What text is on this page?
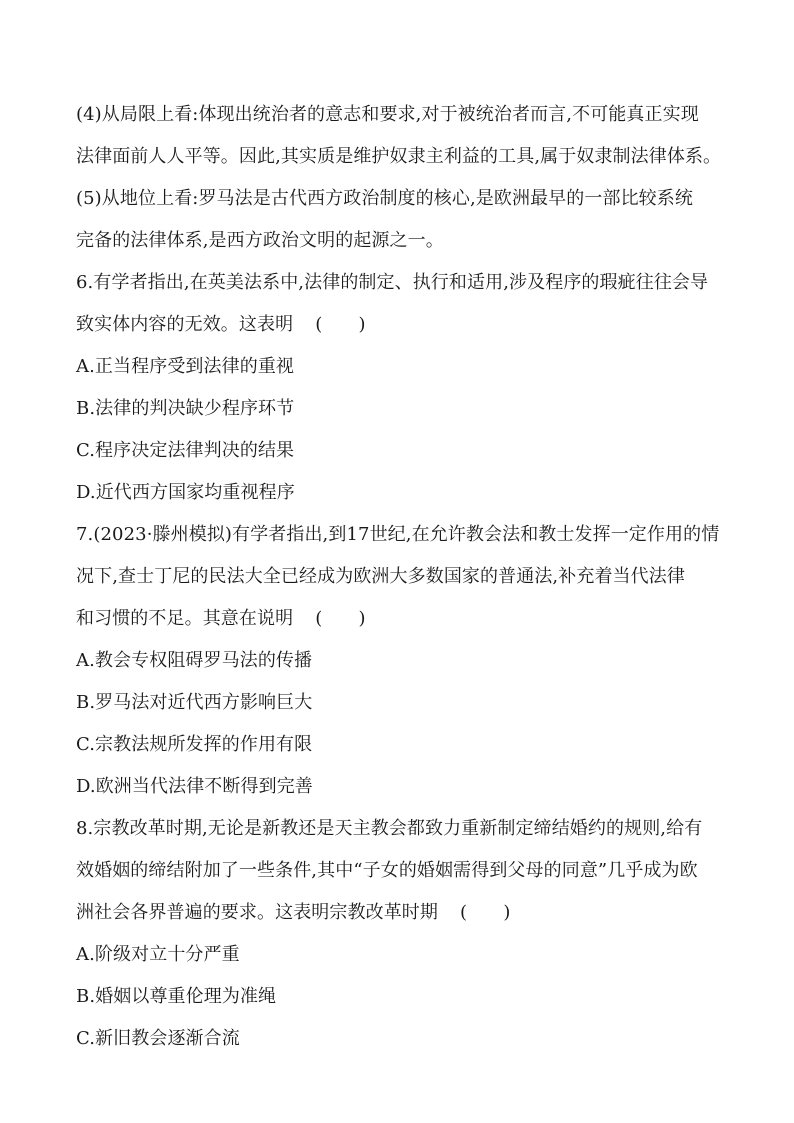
(4)从局限上看:体现出统治者的意志和要求,对于被统治者而言,不可能真正实现
法律面前人人平等。因此,其实质是维护奴隶主利益的工具,属于奴隶制法律体系。
(5)从地位上看:罗马法是古代西方政治制度的核心,是欧洲最早的一部比较系统
完备的法律体系,是西方政治文明的起源之一。
6.有学者指出,在英美法系中,法律的制定、执行和适用,涉及程序的瑕疵往往会导
致实体内容的无效。这表明 (　　)
A.正当程序受到法律的重视
B.法律的判决缺少程序环节
C.程序决定法律判决的结果
D.近代西方国家均重视程序
7.(2023·滕州模拟)有学者指出,到17世纪,在允许教会法和教士发挥一定作用的情
况下,查士丁尼的民法大全已经成为欧洲大多数国家的普通法,补充着当代法律
和习惯的不足。其意在说明 (　　)
A.教会专权阻碍罗马法的传播
B.罗马法对近代西方影响巨大
C.宗教法规所发挥的作用有限
D.欧洲当代法律不断得到完善
8.宗教改革时期,无论是新教还是天主教会都致力重新制定缔结婚约的规则,给有
效婚姻的缔结附加了一些条件,其中“子女的婚姻需得到父母的同意”几乎成为欧
洲社会各界普遍的要求。这表明宗教改革时期 (　　)
A.阶级对立十分严重
B.婚姻以尊重伦理为准绳
C.新旧教会逐渐合流
